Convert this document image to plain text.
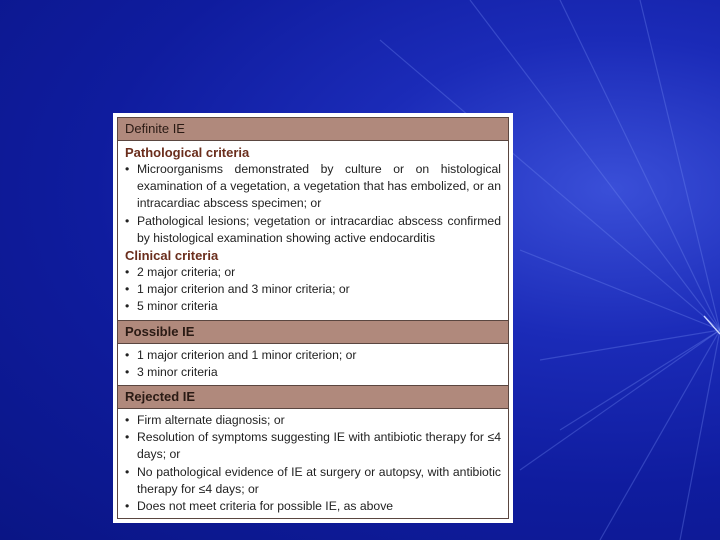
Definite IE
Pathological criteria
• Microorganisms demonstrated by culture or on histological examination of a vegetation, a vegetation that has embolized, or an intracardiac abscess specimen; or
• Pathological lesions; vegetation or intracardiac abscess confirmed by histological examination showing active endocarditis
Clinical criteria
• 2 major criteria; or
• 1 major criterion and 3 minor criteria; or
• 5 minor criteria
Possible IE
• 1 major criterion and 1 minor criterion; or
• 3 minor criteria
Rejected IE
• Firm alternate diagnosis; or
• Resolution of symptoms suggesting IE with antibiotic therapy for ≤4 days; or
• No pathological evidence of IE at surgery or autopsy, with antibiotic therapy for ≤4 days; or
• Does not meet criteria for possible IE, as above
